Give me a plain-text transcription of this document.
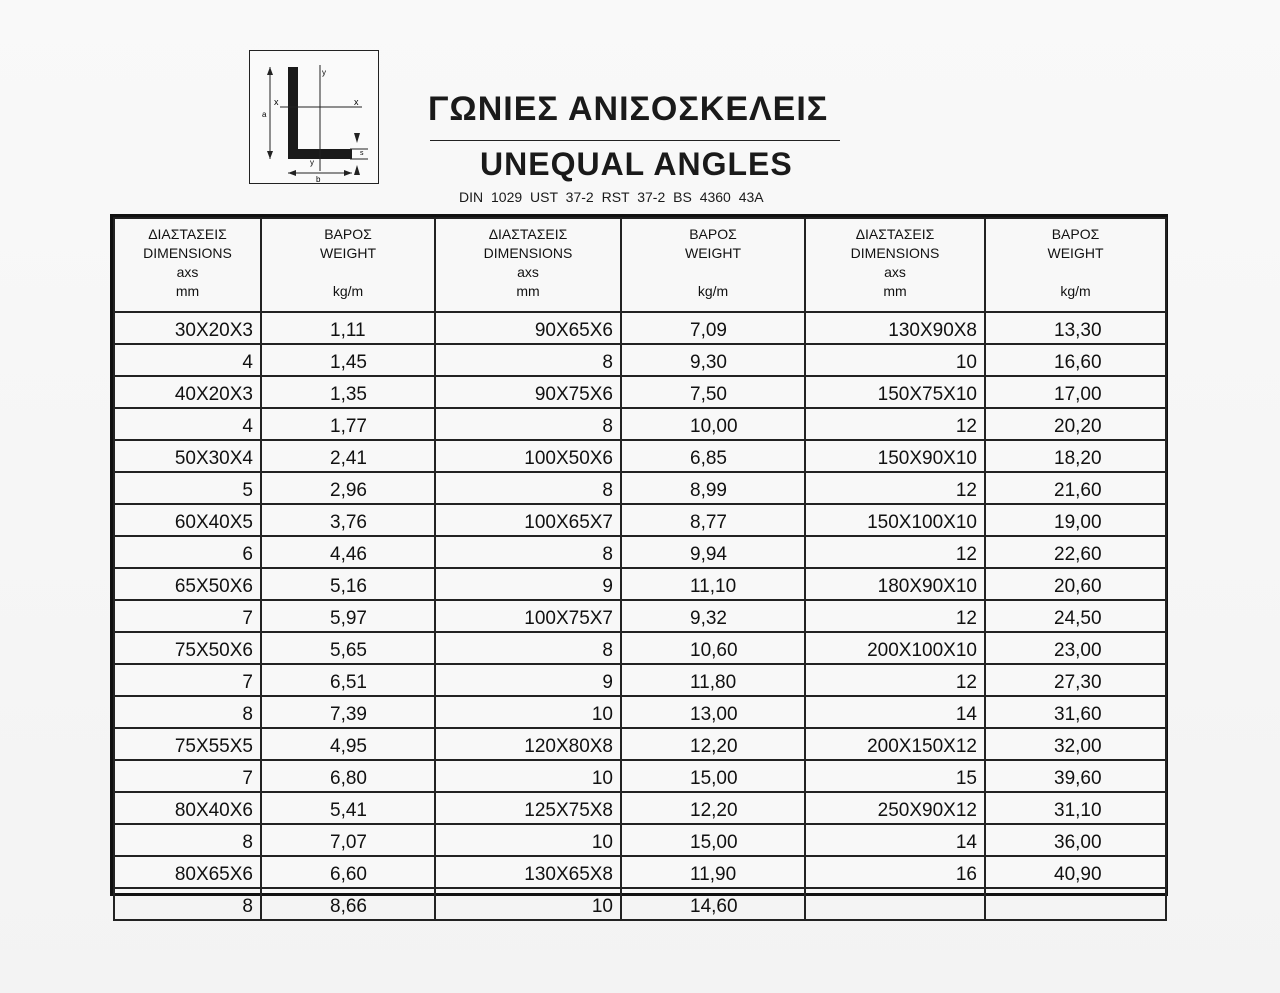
y
x	x
a
s
y
b
ΓΩΝΙΕΣ ΑΝΙΣΟΣΚΕΛΕΙΣ
UNEQUAL ANGLES
DIN 1029 UST 37-2 RST 37-2 BS 4360 43A
ΔΙΑΣΤΑΣΕΙΣ
DIMENSIONS
axs
mm	ΒΑΡΟΣ
WEIGHT

kg/m	ΔΙΑΣΤΑΣΕΙΣ
DIMENSIONS
axs
mm	ΒΑΡΟΣ
WEIGHT

kg/m	ΔΙΑΣΤΑΣΕΙΣ
DIMENSIONS
axs
mm	ΒΑΡΟΣ
WEIGHT

kg/m
30X20X3	1,11	90X65X6	7,09	130X90X8	13,30
4	1,45	8	9,30	10	16,60
40X20X3	1,35	90X75X6	7,50	150X75X10	17,00
4	1,77	8	10,00	12	20,20
50X30X4	2,41	100X50X6	6,85	150X90X10	18,20
5	2,96	8	8,99	12	21,60
60X40X5	3,76	100X65X7	8,77	150X100X10	19,00
6	4,46	8	9,94	12	22,60
65X50X6	5,16	9	11,10	180X90X10	20,60
7	5,97	100X75X7	9,32	12	24,50
75X50X6	5,65	8	10,60	200X100X10	23,00
7	6,51	9	11,80	12	27,30
8	7,39	10	13,00	14	31,60
75X55X5	4,95	120X80X8	12,20	200X150X12	32,00
7	6,80	10	15,00	15	39,60
80X40X6	5,41	125X75X8	12,20	250X90X12	31,10
8	7,07	10	15,00	14	36,00
80X65X6	6,60	130X65X8	11,90	16	40,90
8	8,66	10	14,60		
